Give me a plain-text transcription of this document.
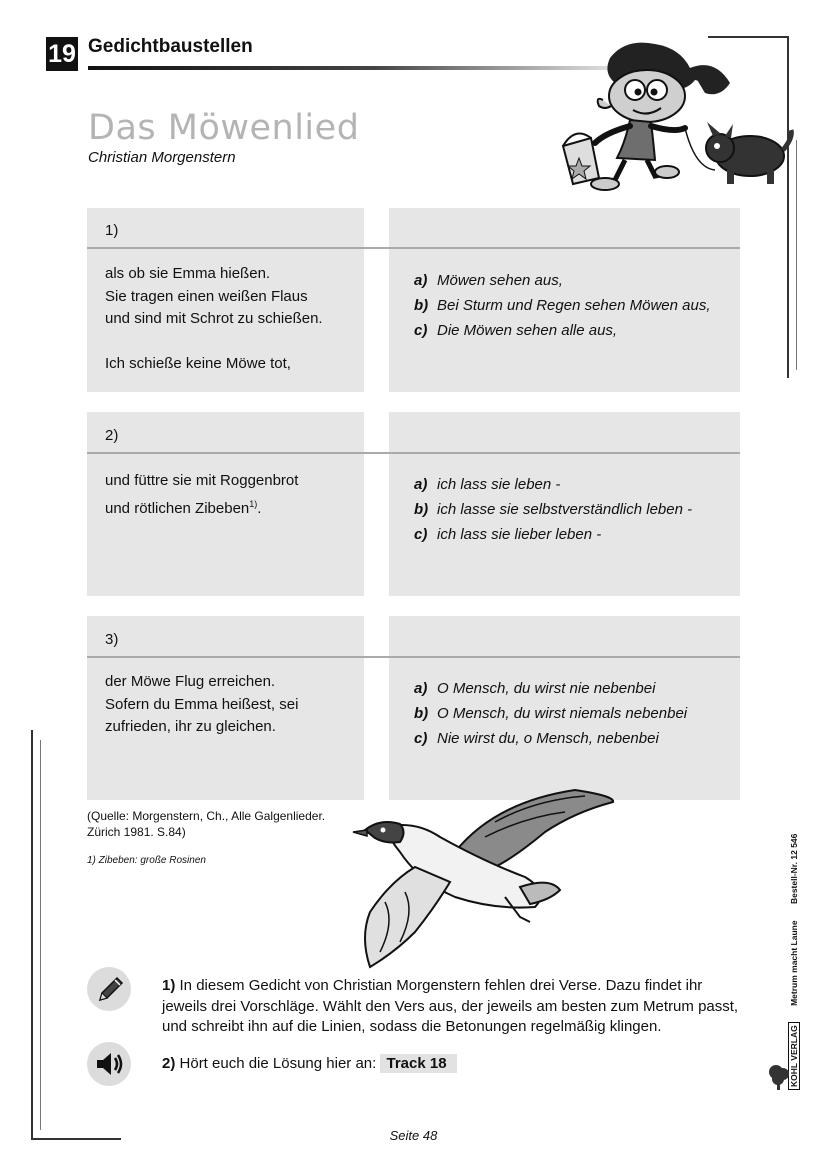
19 Gedichtbaustellen
Das Möwenlied
Christian Morgenstern
1)
als ob sie Emma hießen.
Sie tragen einen weißen Flaus
und sind mit Schrot zu schießen.
Ich schieße keine Möwe tot,
a) Möwen sehen aus,
b) Bei Sturm und Regen sehen Möwen aus,
c) Die Möwen sehen alle aus,
2)
und füttre sie mit Roggenbrot
und rötlichen Zibeben$^{1)}$.
a) ich lass sie leben -
b) ich lasse sie selbstverständlich leben -
c) ich lass sie lieber leben -
3)
der Möwe Flug erreichen.
Sofern du Emma heißest, sei
zufrieden, ihr zu gleichen.
a) O Mensch, du wirst nie nebenbei
b) O Mensch, du wirst niemals nebenbei
c) Nie wirst du, o Mensch, nebenbei
(Quelle: Morgenstern, Ch., Alle Galgenlieder.
Zürich 1981. S.84)
1) Zibeben: große Rosinen
1) In diesem Gedicht von Christian Morgenstern fehlen drei Verse. Dazu findet ihr jeweils drei Vorschläge. Wählt den Vers aus, der jeweils am besten zum Metrum passt, und schreibt ihn auf die Linien, sodass die Betonungen regelmäßig klingen.
2) Hört euch die Lösung hier an: Track 18
Seite 48
KOHL VERLAG Metrum macht Laune Bestell-Nr. 12 546
